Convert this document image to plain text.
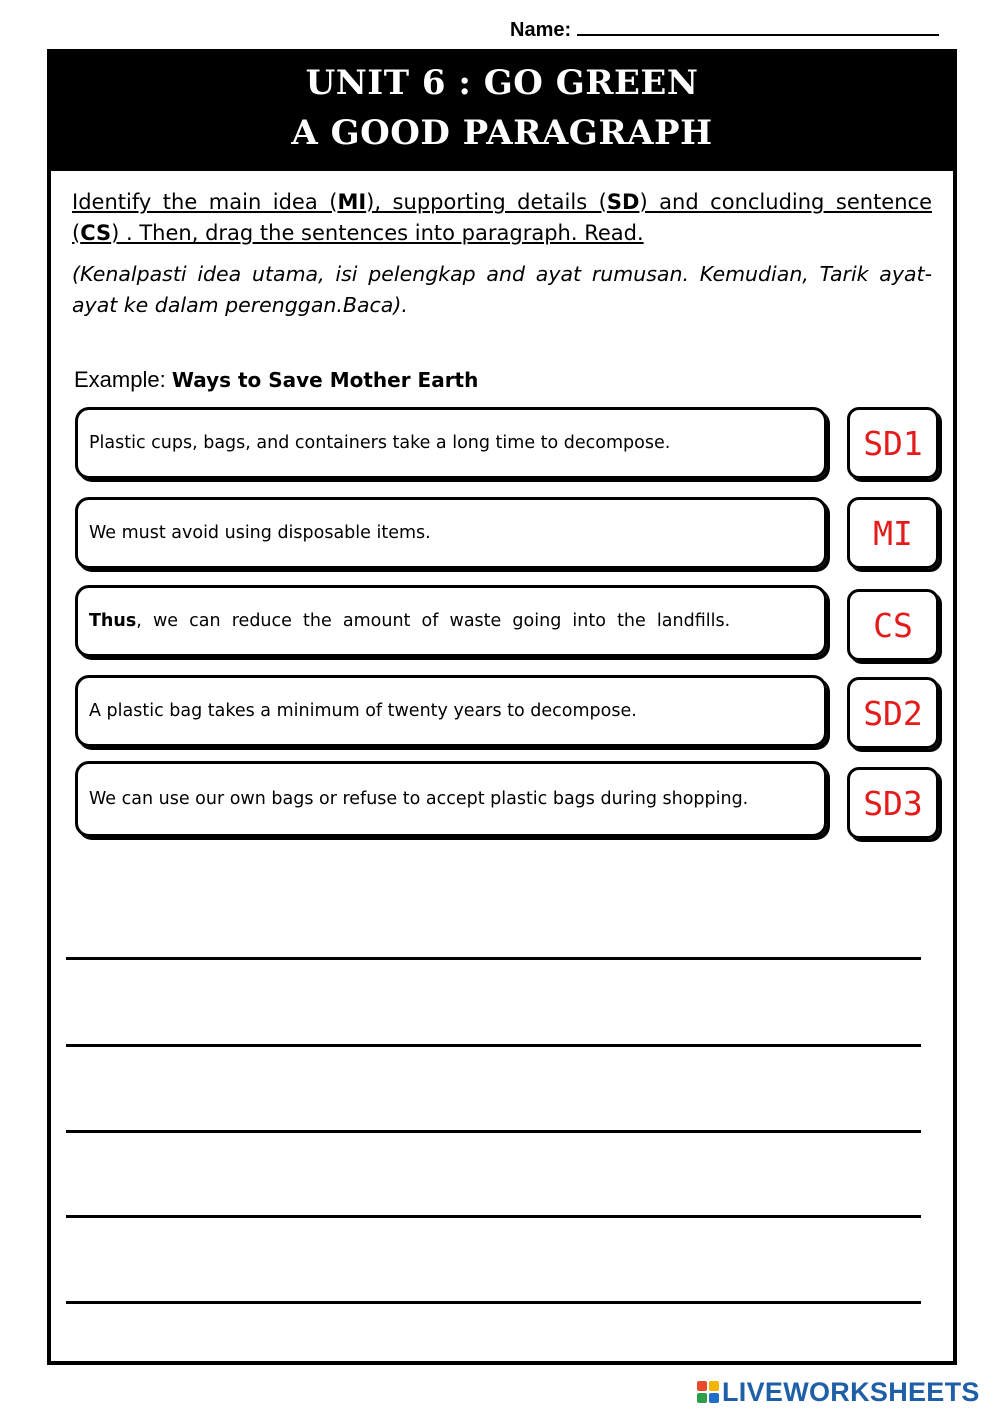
Name:
UNIT 6 : GO GREEN
A GOOD PARAGRAPH
Identify the main idea (MI), supporting details (SD) and concluding sentence (CS) . Then, drag the sentences into paragraph. Read.
(Kenalpasti idea utama, isi pelengkap and ayat rumusan. Kemudian, Tarik ayat-ayat ke dalam perenggan.Baca).
Example: Ways to Save Mother Earth
Plastic cups, bags, and containers take a long time to decompose.	SD1
We must avoid using disposable items.	MI
Thus ,  we  can  reduce  the  amount  of  waste  going  into  the  landfills.	CS
A plastic bag takes a minimum of twenty years to decompose.	SD2
We can use our own bags or refuse to accept plastic bags during shopping.	SD3
LIVEWORKSHEETS
